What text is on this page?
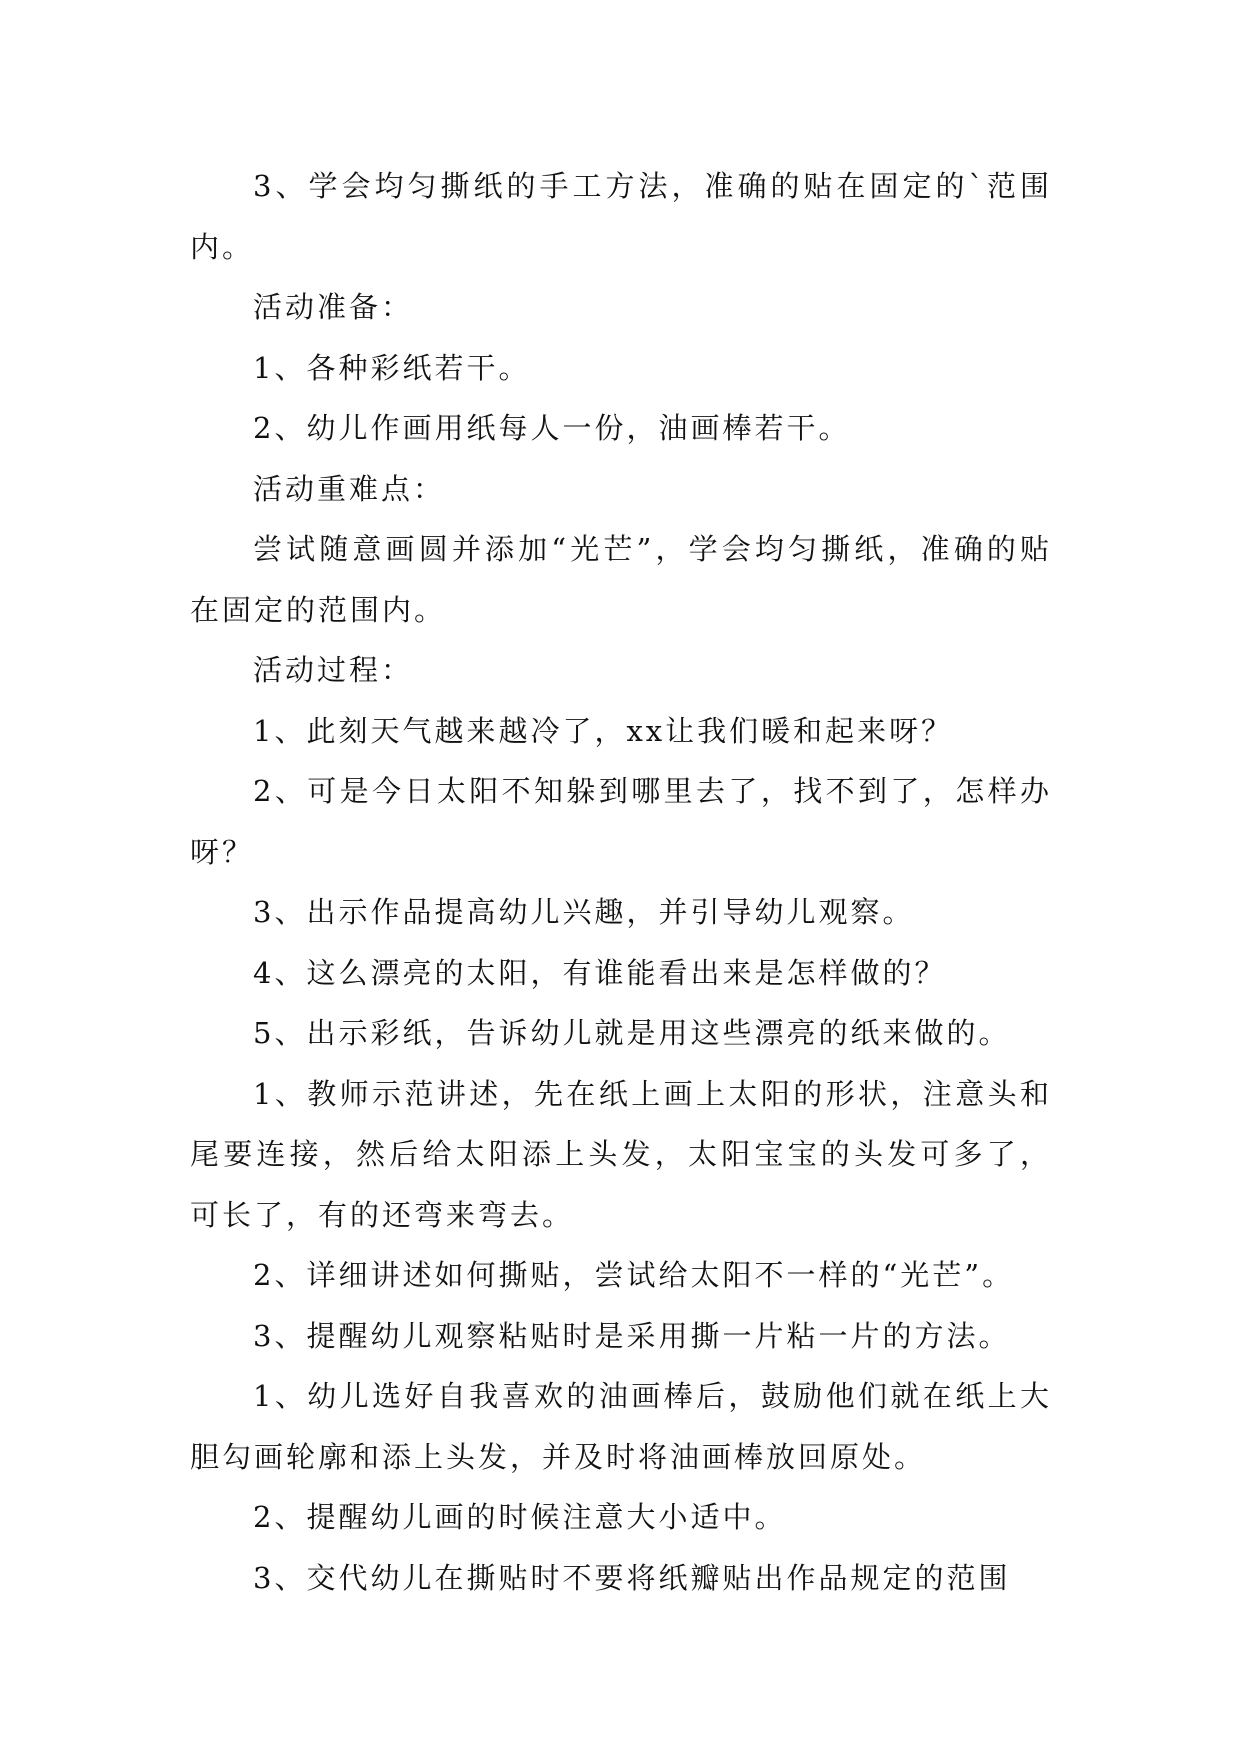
3、学会均匀撕纸的手工方法，准确的贴在固定的`范围内。

活动准备：

1、各种彩纸若干。

2、幼儿作画用纸每人一份，油画棒若干。

活动重难点：

尝试随意画圆并添加“光芒”，学会均匀撕纸，准确的贴在固定的范围内。

活动过程：

1、此刻天气越来越冷了，xx让我们暖和起来呀？

2、可是今日太阳不知躲到哪里去了，找不到了，怎样办呀？

3、出示作品提高幼儿兴趣，并引导幼儿观察。

4、这么漂亮的太阳，有谁能看出来是怎样做的？

5、出示彩纸，告诉幼儿就是用这些漂亮的纸来做的。

1、教师示范讲述，先在纸上画上太阳的形状，注意头和尾要连接，然后给太阳添上头发，太阳宝宝的头发可多了，可长了，有的还弯来弯去。

2、详细讲述如何撕贴，尝试给太阳不一样的“光芒”。

3、提醒幼儿观察粘贴时是采用撕一片粘一片的方法。

1、幼儿选好自我喜欢的油画棒后，鼓励他们就在纸上大胆勾画轮廓和添上头发，并及时将油画棒放回原处。

2、提醒幼儿画的时候注意大小适中。

3、交代幼儿在撕贴时不要将纸瓣贴出作品规定的范围
